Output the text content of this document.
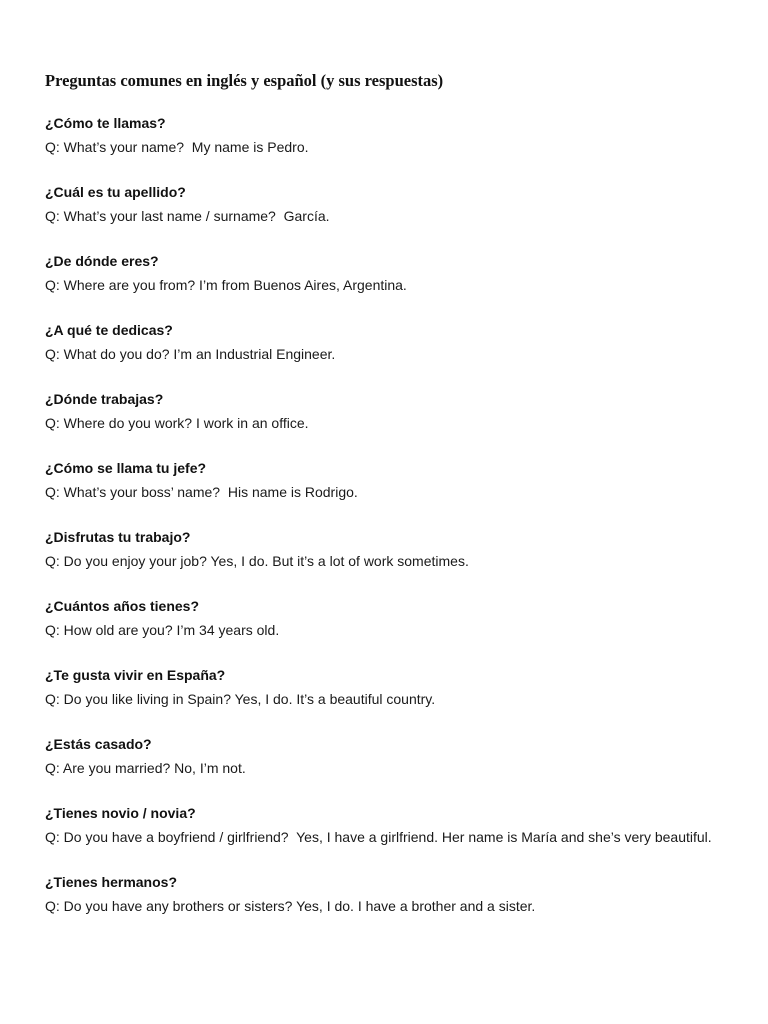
Preguntas comunes en inglés y español (y sus respuestas)

¿Cómo te llamas?

Q: What’s your name?  My name is Pedro.

¿Cuál es tu apellido?

Q: What’s your last name / surname?  García.

¿De dónde eres?

Q: Where are you from? I’m from Buenos Aires, Argentina.

¿A qué te dedicas?

Q: What do you do? I’m an Industrial Engineer.

¿Dónde trabajas?

Q: Where do you work? I work in an office.

¿Cómo se llama tu jefe?

Q: What’s your boss’ name?  His name is Rodrigo.

¿Disfrutas tu trabajo?

Q: Do you enjoy your job? Yes, I do. But it’s a lot of work sometimes.

¿Cuántos años tienes?

Q: How old are you? I’m 34 years old.

¿Te gusta vivir en España?

Q: Do you like living in Spain? Yes, I do. It’s a beautiful country.

¿Estás casado?

Q: Are you married? No, I’m not.

¿Tienes novio / novia?

Q: Do you have a boyfriend / girlfriend?  Yes, I have a girlfriend. Her name is María and she’s very beautiful.

¿Tienes hermanos?

Q: Do you have any brothers or sisters? Yes, I do. I have a brother and a sister.
